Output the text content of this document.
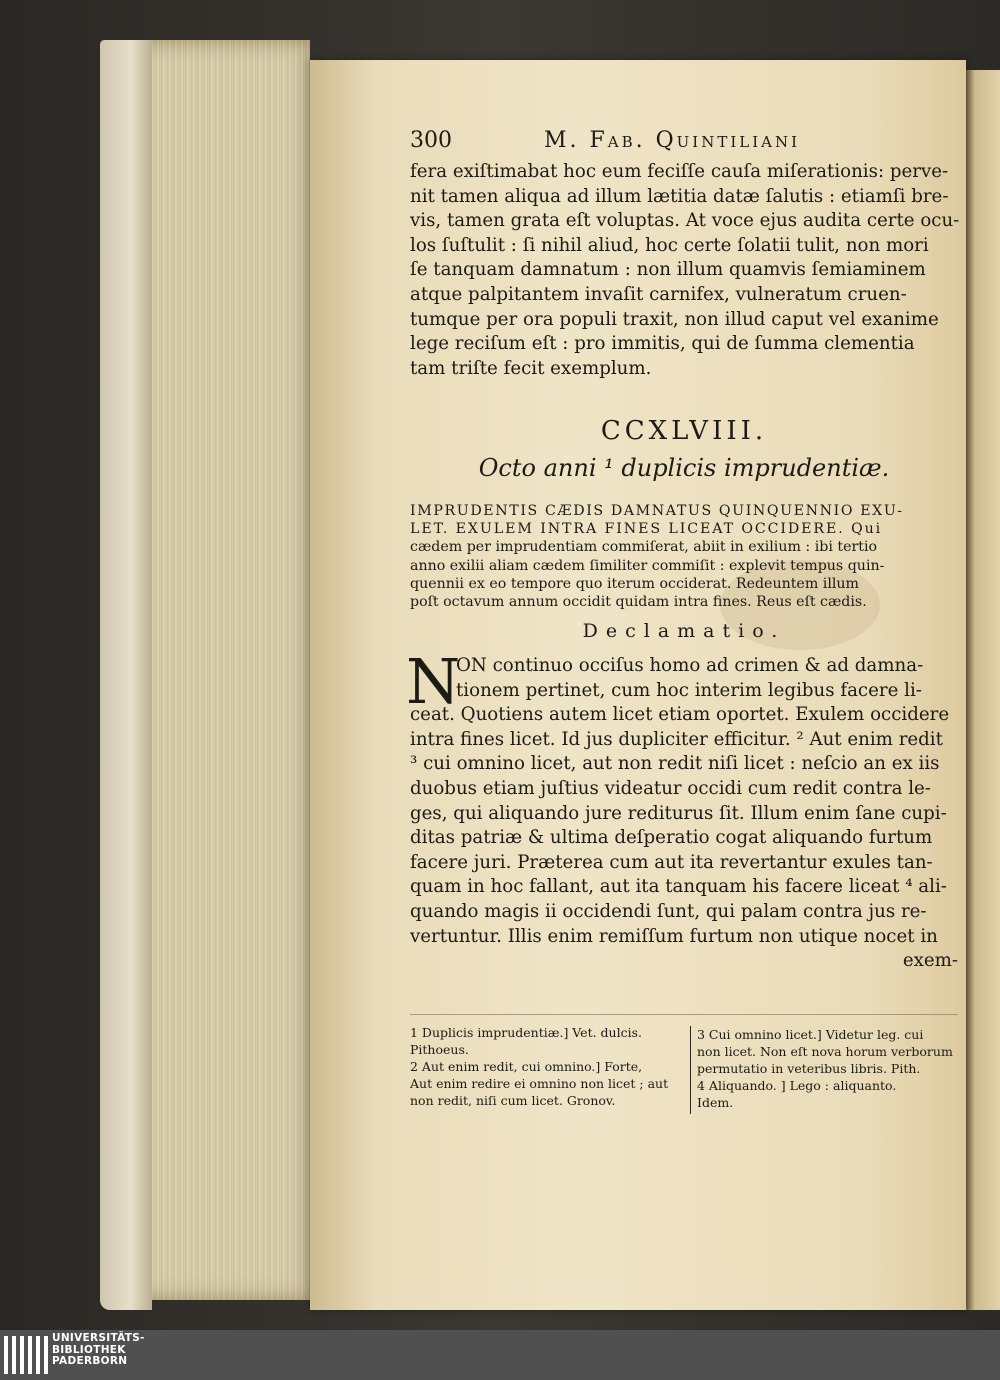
300	M. Fab. Quintiliani
fera exiſtimabat hoc eum feciſſe cauſa miſerationis: perve-
nit tamen aliqua ad illum lætitia datæ ſalutis : etiamſi bre-
vis, tamen grata eſt voluptas. At voce ejus audita certe ocu-
los ſuſtulit : ſi nihil aliud, hoc certe ſolatii tulit, non mori
ſe tanquam damnatum : non illum quamvis ſemiaminem
atque palpitantem invaſit carnifex, vulneratum cruen-
tumque per ora populi traxit, non illud caput vel exanime
lege reciſum eſt : pro immitis, qui de ſumma clementia
tam triſte fecit exemplum.
CCXLVIII.
Octo anni ¹ duplicis imprudentiæ.
IMPRUDENTIS CÆDIS DAMNATUS QUINQUENNIO EXU-
LET. EXULEM INTRA FINES LICEAT OCCIDERE. Qui
cædem per imprudentiam commiſerat, abiit in exilium : ibi tertio
anno exilii aliam cædem ſimiliter commiſit : explevit tempus quin-
quennii ex eo tempore quo iterum occiderat. Redeuntem illum
poſt octavum annum occidit quidam intra fines. Reus eſt cædis.
Declamatio.
N
ON continuo occiſus homo ad crimen & ad damna-
tionem pertinet, cum hoc interim legibus facere li-
ceat. Quotiens autem licet etiam oportet. Exulem occidere
intra fines licet. Id jus dupliciter efficitur. ² Aut enim redit
³ cui omnino licet, aut non redit niſi licet : neſcio an ex iis
duobus etiam juſtius videatur occidi cum redit contra le-
ges, qui aliquando jure rediturus ſit. Illum enim ſane cupi-
ditas patriæ & ultima deſperatio cogat aliquando furtum
facere juri. Præterea cum aut ita revertantur exules tan-
quam in hoc fallant, aut ita tanquam his facere liceat ⁴ ali-
quando magis ii occidendi ſunt, qui palam contra jus re-
vertuntur. Illis enim remiſſum furtum non utique nocet in
exem-
1 Duplicis imprudentiæ.] Vet. dulcis.
Pithoeus.
2 Aut enim redit, cui omnino.] Forte,
Aut enim redire ei omnino non licet ; aut
non redit, niſi cum licet. Gronov.
3 Cui omnino licet.] Videtur leg. cui
non licet. Non eſt nova horum verborum
permutatio in veteribus libris. Pith.
4 Aliquando. ] Lego : aliquanto.
Idem.
UNIVERSITÄTS-
BIBLIOTHEK
PADERBORN
